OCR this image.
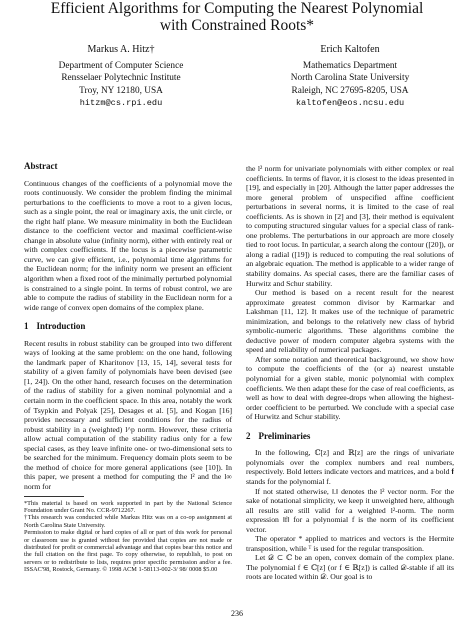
Efficient Algorithms for Computing the Nearest Polynomial
with Constrained Roots*
Markus A. Hitz†
Department of Computer Science
Rensselaer Polytechnic Institute
Troy, NY 12180, USA
hitzm@cs.rpi.edu
Erich Kaltofen
Mathematics Department
North Carolina State University
Raleigh, NC 27695-8205, USA
kaltofen@eos.ncsu.edu
Abstract

Continuous changes of the coefficients of a polynomial move the roots continuously. We consider the problem finding the minimal perturbations to the coefficients to move a root to a given locus, such as a single point, the real or imaginary axis, the unit circle, or the right half plane. We measure minimality in both the Euclidean distance to the coefficient vector and maximal coefficient-wise change in absolute value (infinity norm), either with entirely real or with complex coefficients. If the locus is a piecewise parametric curve, we can give efficient, i.e., polynomial time algorithms for the Euclidean norm; for the infinity norm we present an efficient algorithm when a fixed root of the minimally perturbed polynomial is constrained to a single point. In terms of robust control, we are able to compute the radius of stability in the Euclidean norm for a wide range of convex open domains of the complex plane.

1 Introduction

Recent results in robust stability can be grouped into two different ways of looking at the same problem: on the one hand, following the landmark paper of Kharitonov [13, 15, 14], several tests for stability of a given family of polynomials have been devised (see [1, 24]). On the other hand, research focuses on the determination of the radius of stability for a given nominal polynomial and a certain norm in the coefficient space. In this area, notably the work of Tsypkin and Polyak [25], Desages et al. [5], and Kogan [16] provides necessary and sufficient conditions for the radius of robust stability in a (weighted) l^p norm. However, these criteria allow actual computation of the stability radius only for a few special cases, as they leave infinite one- or two-dimensional sets to be searched for the minimum. Frequency domain plots seem to be the method of choice for more general applications (see [10]). In this paper, we present a method for computing the l² and the l∞ norm for

*This material is based on work supported in part by the National Science Foundation under Grant No. CCR-9712267.

†This research was conducted while Markus Hitz was on a co-op assignment at North Carolina State University.

Permission to make digital or hard copies of all or part of this work for personal or classroom use is granted without fee provided that copies are not made or distributed for profit or commercial advantage and that copies bear this notice and the full citation on the first page. To copy otherwise, to republish, to post on servers or to redistribute to lists, requires prior specific permission and/or a fee. ISSAC'98, Rostock, Germany. © 1998 ACM 1-58113-002-3/ 98/ 0008 $5.00

the l² norm for univariate polynomials with either complex or real coefficients. In terms of flavor, it is closest to the ideas presented in [19], and especially in [20]. Although the latter paper addresses the more general problem of unspecified affine coefficient perturbations in several norms, it is limited to the case of real coefficients. As is shown in [2] and [3], their method is equivalent to computing structured singular values for a special class of rank-one problems. The perturbations in our approach are more closely tied to root locus. In particular, a search along the contour ([20]), or along a radial ([19]) is reduced to computing the real solutions of an algebraic equation. The method is applicable to a wider range of stability domains. As special cases, there are the familiar cases of Hurwitz and Schur stability.

Our method is based on a recent result for the nearest approximate greatest common divisor by Karmarkar and Lakshman [11, 12]. It makes use of the technique of parametric minimization, and belongs to the relatively new class of hybrid symbolic-numeric algorithms. These algorithms combine the deductive power of modern computer algebra systems with the speed and reliability of numerical packages.

After some notation and theoretical background, we show how to compute the coefficients of the (or a) nearest unstable polynomial for a given stable, monic polynomial with complex coefficients. We then adapt these for the case of real coefficients, as well as how to deal with degree-drops when allowing the highest-order coefficient to be perturbed. We conclude with a special case of Hurwitz and Schur stability.

2 Preliminaries

In the following, ℂ[z] and ℝ[z] are the rings of univariate polynomials over the complex numbers and real numbers, respectively. Bold letters indicate vectors and matrices, and a bold 𝐟 stands for the polynomial f.

If not stated otherwise, ‖.‖ denotes the l² vector norm. For the sake of notational simplicity, we keep it unweighted here, although all results are still valid for a weighted l²-norm. The norm expression ‖f‖ for a polynomial f is the norm of its coefficient vector.

The operator * applied to matrices and vectors is the Hermite transposition, while ᵀ is used for the regular transposition.

Let 𝒟 ⊂ ℂ be an open, convex domain of the complex plane. The polynomial f ∈ ℂ[z] (or f ∈ ℝ[z]) is called 𝒟-stable if all its roots are located within 𝒟. Our goal is to

236
